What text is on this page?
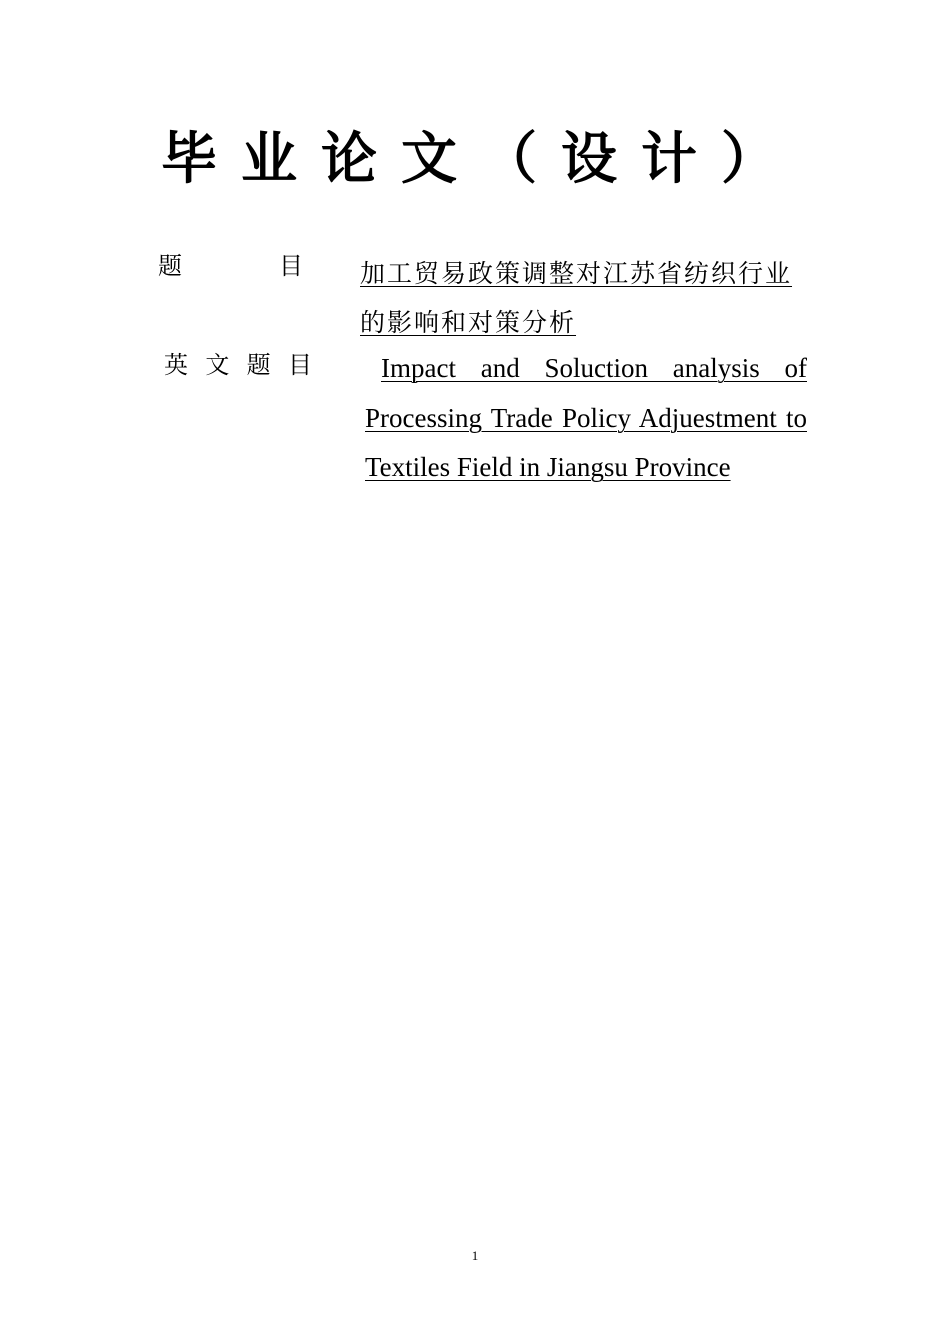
毕业论文（设计）
题	目 加工贸易政策调整对江苏省纺织行业的影响和对策分析
英 文 题 目	Impact and Soluction analysis of Processing Trade Policy Adjuestment to Textiles Field in Jiangsu Province
1
